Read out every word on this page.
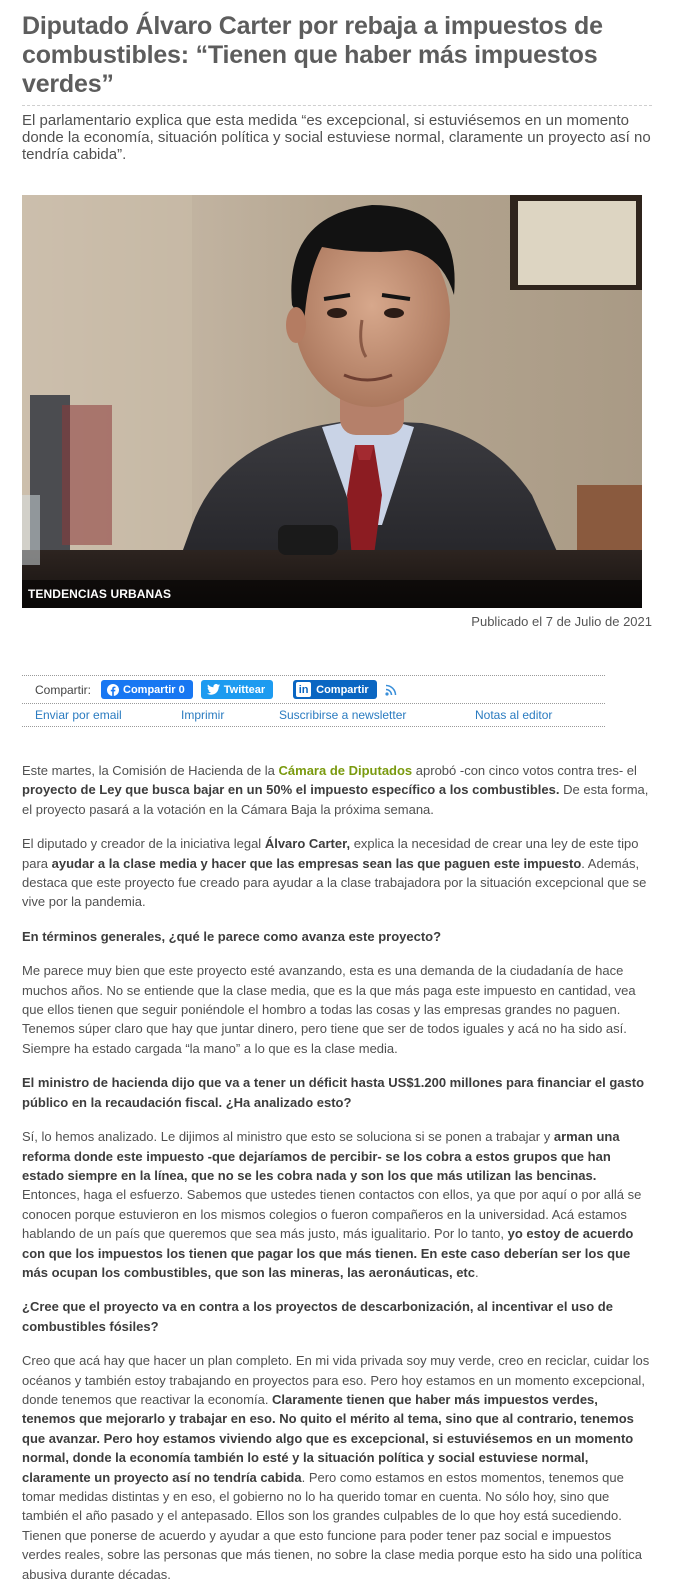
Diputado Álvaro Carter por rebaja a impuestos de combustibles: “Tienen que haber más impuestos verdes”

El parlamentario explica que esta medida “es excepcional, si estuviésemos en un momento donde la economía, situación política y social estuviese normal, claramente un proyecto así no tendría cabida”.

TENDENCIAS URBANAS
Publicado el 7 de Julio de 2021
Compartir:	Compartir 0	Twittear	in Compartir
Enviar por email	Imprimir	Suscribirse a newsletter	Notas al editor

Este martes, la Comisión de Hacienda de la Cámara de Diputados aprobó -con cinco votos contra tres- el proyecto de Ley que busca bajar en un 50% el impuesto específico a los combustibles. De esta forma, el proyecto pasará a la votación en la Cámara Baja la próxima semana.

El diputado y creador de la iniciativa legal Álvaro Carter, explica la necesidad de crear una ley de este tipo para ayudar a la clase media y hacer que las empresas sean las que paguen este impuesto. Además, destaca que este proyecto fue creado para ayudar a la clase trabajadora por la situación excepcional que se vive por la pandemia.

En términos generales, ¿qué le parece como avanza este proyecto?

Me parece muy bien que este proyecto esté avanzando, esta es una demanda de la ciudadanía de hace muchos años. No se entiende que la clase media, que es la que más paga este impuesto en cantidad, vea que ellos tienen que seguir poniéndole el hombro a todas las cosas y las empresas grandes no paguen. Tenemos súper claro que hay que juntar dinero, pero tiene que ser de todos iguales y acá no ha sido así. Siempre ha estado cargada “la mano” a lo que es la clase media.

El ministro de hacienda dijo que va a tener un déficit hasta US$1.200 millones para financiar el gasto público en la recaudación fiscal. ¿Ha analizado esto?

Sí, lo hemos analizado. Le dijimos al ministro que esto se soluciona si se ponen a trabajar y arman una reforma donde este impuesto -que dejaríamos de percibir- se los cobra a estos grupos que han estado siempre en la línea, que no se les cobra nada y son los que más utilizan las bencinas. Entonces, haga el esfuerzo. Sabemos que ustedes tienen contactos con ellos, ya que por aquí o por allá se conocen porque estuvieron en los mismos colegios o fueron compañeros en la universidad. Acá estamos hablando de un país que queremos que sea más justo, más igualitario. Por lo tanto, yo estoy de acuerdo con que los impuestos los tienen que pagar los que más tienen. En este caso deberían ser los que más ocupan los combustibles, que son las mineras, las aeronáuticas, etc.

¿Cree que el proyecto va en contra a los proyectos de descarbonización, al incentivar el uso de combustibles fósiles?

Creo que acá hay que hacer un plan completo. En mi vida privada soy muy verde, creo en reciclar, cuidar los océanos y también estoy trabajando en proyectos para eso. Pero hoy estamos en un momento excepcional, donde tenemos que reactivar la economía. Claramente tienen que haber más impuestos verdes, tenemos que mejorarlo y trabajar en eso. No quito el mérito al tema, sino que al contrario, tenemos que avanzar. Pero hoy estamos viviendo algo que es excepcional, si estuviésemos en un momento normal, donde la economía también lo esté y la situación política y social estuviese normal, claramente un proyecto así no tendría cabida. Pero como estamos en estos momentos, tenemos que tomar medidas distintas y en eso, el gobierno no lo ha querido tomar en cuenta. No sólo hoy, sino que también el año pasado y el antepasado. Ellos son los grandes culpables de lo que hoy está sucediendo. Tienen que ponerse de acuerdo y ayudar a que esto funcione para poder tener paz social e impuestos verdes reales, sobre las personas que más tienen, no sobre la clase media porque esto ha sido una política abusiva durante décadas.
